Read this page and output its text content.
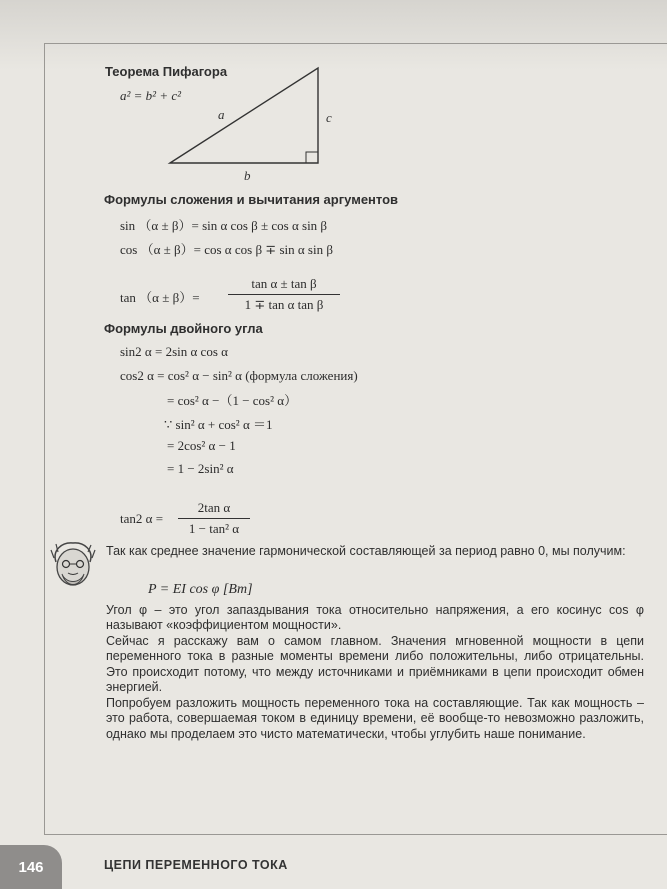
Теорема Пифагора
a² = b² + c²
a
b
c
Формулы сложения и вычитания аргументов
sin （α ± β）= sin α cos β ± cos α sin β
cos （α ± β）= cos α cos β ∓ sin α sin β
tan （α ± β）=
tan α ± tan β
1 ∓ tan α tan β
Формулы двойного угла
sin2 α = 2sin α cos α
cos2 α = cos² α − sin² α (формула сложения)
= cos² α −（1 − cos² α）
∵ sin² α + cos² α ＝1
= 2cos² α − 1
= 1 − 2sin² α
tan2 α =
2tan α
1 − tan² α
Так как среднее значение гармонической составляющей за период равно 0, мы получим:
P = EI cos φ [Вт]
Угол φ – это угол запаздывания тока относительно напряжения, а его косинус cos φ называют «коэффициентом мощности».
Сейчас я расскажу вам о самом главном. Значения мгновенной мощности в цепи переменного тока в разные моменты времени либо положительны, либо отрицательны. Это происходит потому, что между источниками и приёмниками в цепи происходит обмен энергией.
Попробуем разложить мощность переменного тока на составляющие. Так как мощность – это работа, совершаемая током в единицу времени, её вообще-то невозможно разложить, однако мы проделаем это чисто математически, чтобы углубить наше понимание.
146	ЦЕПИ ПЕРЕМЕННОГО ТОКА
